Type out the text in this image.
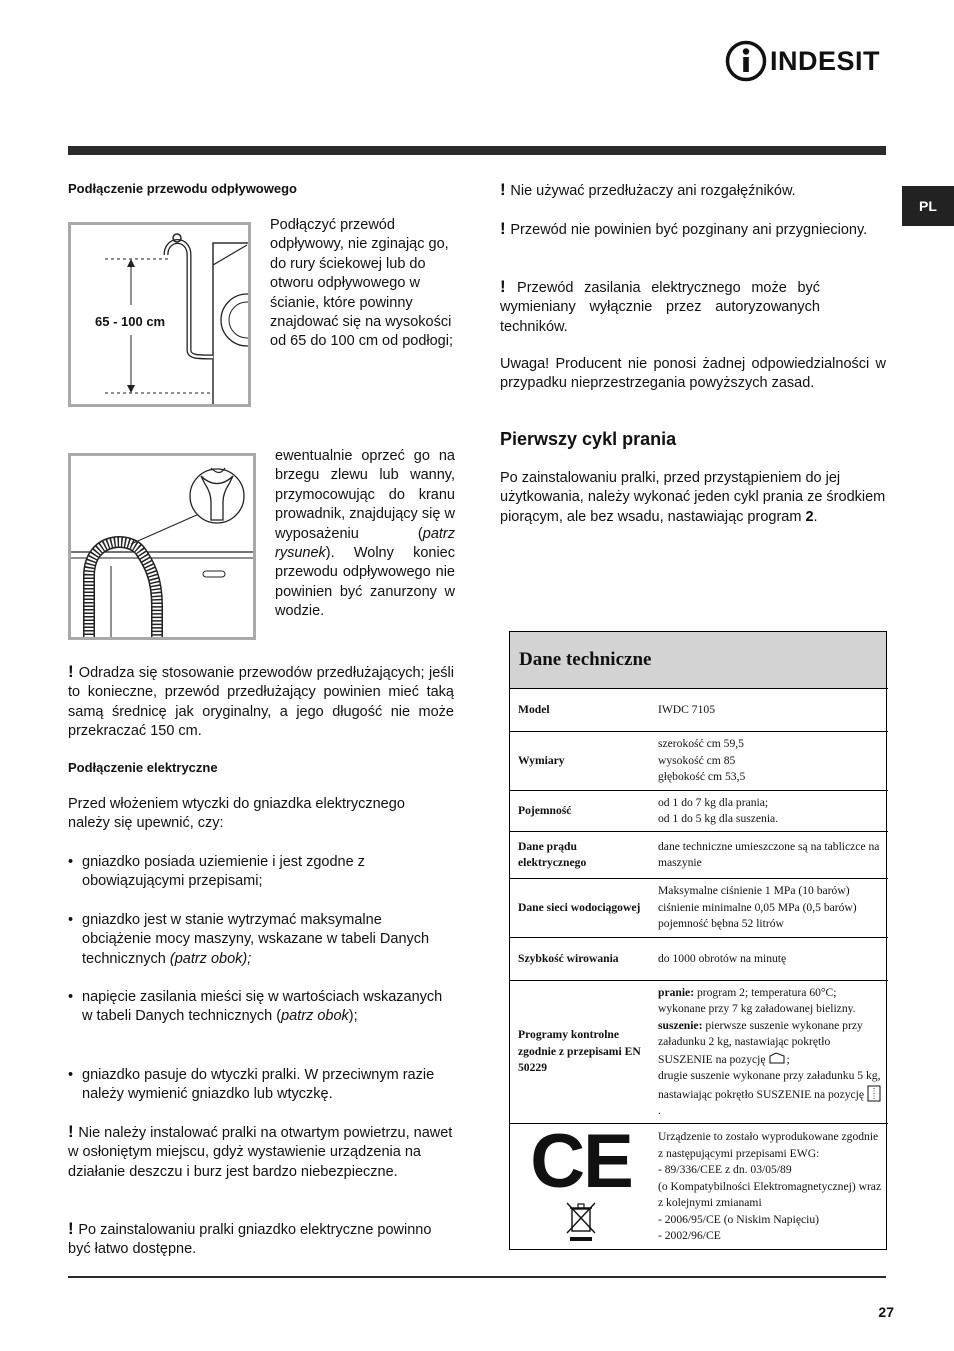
INDESIT
PL
Podłączenie przewodu odpływowego
65 - 100 cm

Podłączyć przewód odpływowy, nie zginając go, do rury ściekowej lub do otworu odpływowego w ścianie, które powinny znajdować się na wysokości od 65 do 100 cm od podłogi;

ewentualnie oprzeć go na brzegu zlewu lub wanny, przymocowując do kranu prowadnik, znajdujący się w wyposażeniu (patrz rysunek). Wolny koniec przewodu odpływowego nie powinien być zanurzony w wodzie.

! Odradza się stosowanie przewodów przedłużających; jeśli to konieczne, przewód przedłużający powinien mieć taką samą średnicę jak oryginalny, a jego długość nie może przekraczać 150 cm.

Podłączenie elektryczne

Przed włożeniem wtyczki do gniazdka elektrycznego należy się upewnić, czy:

• gniazdko posiada uziemienie i jest zgodne z obowiązującymi przepisami;
• gniazdko jest w stanie wytrzymać maksymalne obciążenie mocy maszyny, wskazane w tabeli Danych technicznych (patrz obok);
• napięcie zasilania mieści się w wartościach wskazanych w tabeli Danych technicznych (patrz obok);
• gniazdko pasuje do wtyczki pralki. W przeciwnym razie należy wymienić gniazdko lub wtyczkę.

! Nie należy instalować pralki na otwartym powietrzu, nawet w osłoniętym miejscu, gdyż wystawienie urządzenia na działanie deszczu i burz jest bardzo niebezpieczne.

! Po zainstalowaniu pralki gniazdko elektryczne powinno być łatwo dostępne.

! Nie używać przedłużaczy ani rozgałęźników.

! Przewód nie powinien być pozginany ani przygnieciony.

! Przewód zasilania elektrycznego może być wymieniany wyłącznie przez autoryzowanych techników.

Uwaga! Producent nie ponosi żadnej odpowiedzialności w przypadku nieprzestrzegania powyższych zasad.

Pierwszy cykl prania

Po zainstalowaniu pralki, przed przystąpieniem do jej użytkowania, należy wykonać jeden cykl prania ze środkiem piorącym, ale bez wsadu, nastawiając program 2.

Dane techniczne
Model	IWDC 7105
Wymiary	szerokość cm 59,5
wysokość cm 85
głębokość cm 53,5

Pojemność	od 1 do 7 kg dla prania;
od 1 do 5 kg dla suszenia.

Dane prądu elektrycznego	dane techniczne umieszczone są na tabliczce na maszynie
Dane sieci wodociągowej	Maksymalne ciśnienie 1 MPa (10 barów)
ciśnienie minimalne 0,05 MPa (0,5 barów)
pojemność bębna 52 litrów

Szybkość wirowania	do 1000 obrotów na minutę
Programy kontrolne zgodnie z przepisami EN 50229	pranie: program 2; temperatura 60°C; wykonane przy 7 kg załadowanej bielizny.
suszenie: pierwsze suszenie wykonane przy załadunku 2 kg, nastawiając pokrętło SUSZENIE na pozycję ;
drugie suszenie wykonane przy załadunku 5 kg, nastawiając pokrętło SUSZENIE na pozycję .

CE	Urządzenie to zostało wyprodukowane zgodnie z następującymi przepisami EWG:
- 89/336/CEE z dn. 03/05/89
(o Kompatybilności Elektromagnetycznej) wraz z kolejnymi zmianami
- 2006/95/CE (o Niskim Napięciu)
- 2002/96/CE
27
